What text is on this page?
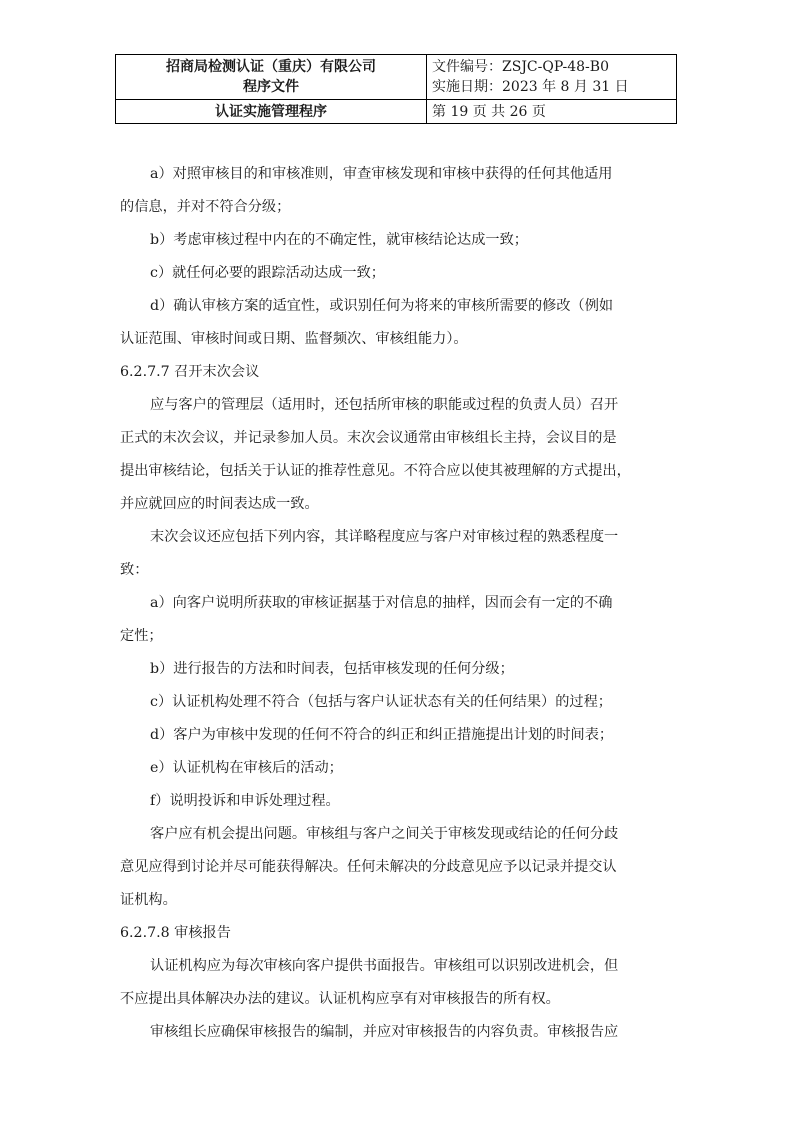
招商局检测认证（重庆）有限公司
程序文件	文件编号：ZSJC-QP-48-B0
实施日期：2023 年 8 月 31 日

认证实施管理程序	第 19 页 共 26 页

a）对照审核目的和审核准则，审查审核发现和审核中获得的任何其他适用

的信息，并对不符合分级；

b）考虑审核过程中内在的不确定性，就审核结论达成一致；

c）就任何必要的跟踪活动达成一致；

d）确认审核方案的适宜性，或识别任何为将来的审核所需要的修改（例如

认证范围、审核时间或日期、监督频次、审核组能力）。

6.2.7.7 召开末次会议

应与客户的管理层（适用时，还包括所审核的职能或过程的负责人员）召开

正式的末次会议，并记录参加人员。末次会议通常由审核组长主持，会议目的是

提出审核结论，包括关于认证的推荐性意见。不符合应以使其被理解的方式提出，

并应就回应的时间表达成一致。

末次会议还应包括下列内容，其详略程度应与客户对审核过程的熟悉程度一

致：

a）向客户说明所获取的审核证据基于对信息的抽样，因而会有一定的不确

定性；

b）进行报告的方法和时间表，包括审核发现的任何分级；

c）认证机构处理不符合（包括与客户认证状态有关的任何结果）的过程；

d）客户为审核中发现的任何不符合的纠正和纠正措施提出计划的时间表；

e）认证机构在审核后的活动；

f）说明投诉和申诉处理过程。

客户应有机会提出问题。审核组与客户之间关于审核发现或结论的任何分歧

意见应得到讨论并尽可能获得解决。任何未解决的分歧意见应予以记录并提交认

证机构。

6.2.7.8 审核报告

认证机构应为每次审核向客户提供书面报告。审核组可以识别改进机会，但

不应提出具体解决办法的建议。认证机构应享有对审核报告的所有权。

审核组长应确保审核报告的编制，并应对审核报告的内容负责。审核报告应
